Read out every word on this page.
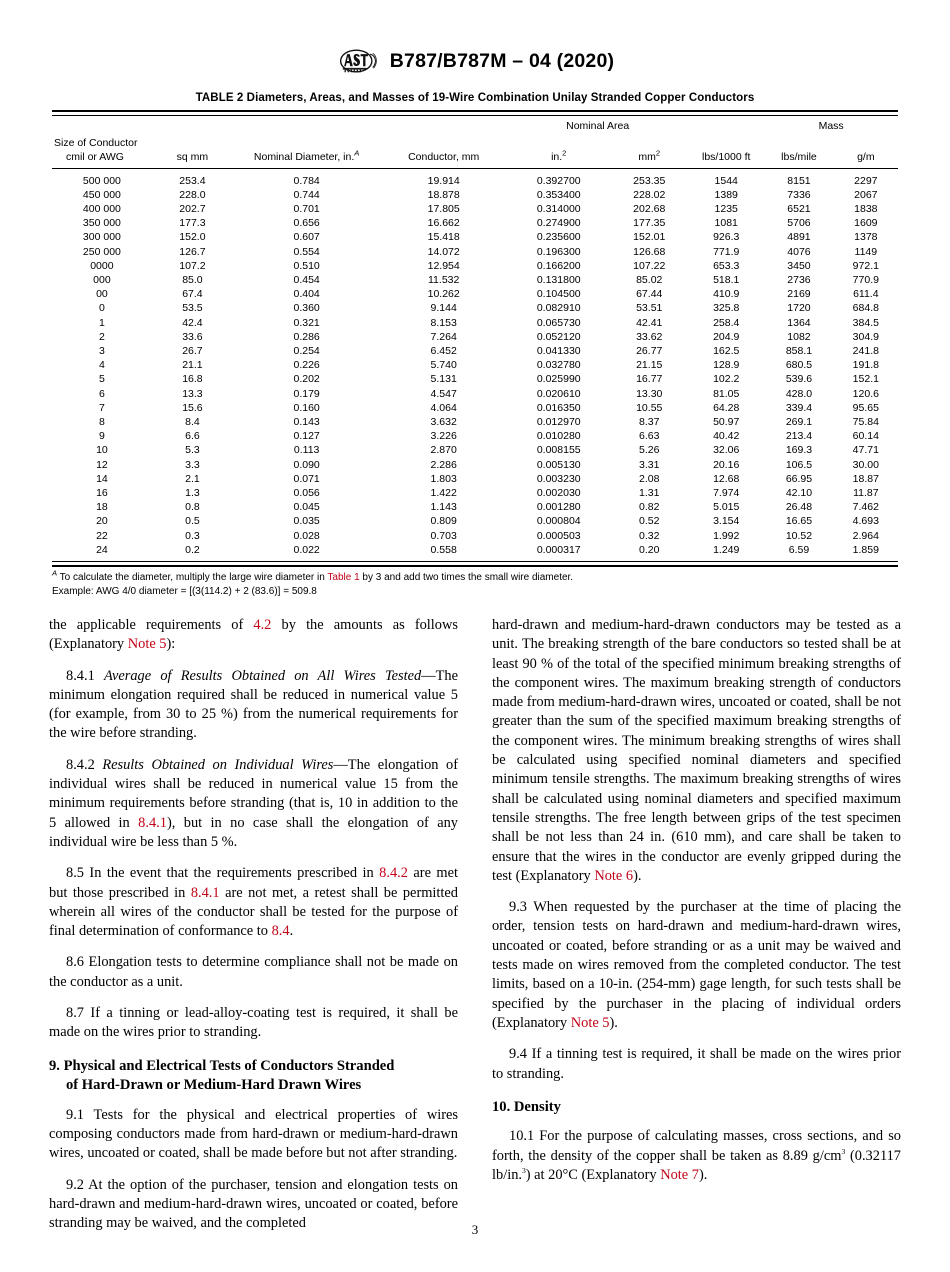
B787/B787M – 04 (2020)
TABLE 2 Diameters, Areas, and Masses of 19-Wire Combination Unilay Stranded Copper Conductors

				Nominal Area			Mass	

Size of Conductor
cmil or AWG	sq mm	Nominal Diameter, in.$^A$	Conductor, mm	in.$^2$	$mm^2$	lbs/1000 ft	lbs/mile	g/m

500 000	253.4	0.784	19.914	0.392700	253.35	1544	8151	2297
450 000	228.0	0.744	18.878	0.353400	228.02	1389	7336	2067
400 000	202.7	0.701	17.805	0.314000	202.68	1235	6521	1838
350 000	177.3	0.656	16.662	0.274900	177.35	1081	5706	1609
300 000	152.0	0.607	15.418	0.235600	152.01	926.3	4891	1378
250 000	126.7	0.554	14.072	0.196300	126.68	771.9	4076	1149
0000	107.2	0.510	12.954	0.166200	107.22	653.3	3450	972.1
000	85.0	0.454	11.532	0.131800	85.02	518.1	2736	770.9
00	67.4	0.404	10.262	0.104500	67.44	410.9	2169	611.4
0	53.5	0.360	9.144	0.082910	53.51	325.8	1720	684.8
1	42.4	0.321	8.153	0.065730	42.41	258.4	1364	384.5
2	33.6	0.286	7.264	0.052120	33.62	204.9	1082	304.9
3	26.7	0.254	6.452	0.041330	26.77	162.5	858.1	241.8
4	21.1	0.226	5.740	0.032780	21.15	128.9	680.5	191.8
5	16.8	0.202	5.131	0.025990	16.77	102.2	539.6	152.1
6	13.3	0.179	4.547	0.020610	13.30	81.05	428.0	120.6
7	15.6	0.160	4.064	0.016350	10.55	64.28	339.4	95.65
8	8.4	0.143	3.632	0.012970	8.37	50.97	269.1	75.84
9	6.6	0.127	3.226	0.010280	6.63	40.42	213.4	60.14
10	5.3	0.113	2.870	0.008155	5.26	32.06	169.3	47.71
12	3.3	0.090	2.286	0.005130	3.31	20.16	106.5	30.00
14	2.1	0.071	1.803	0.003230	2.08	12.68	66.95	18.87
16	1.3	0.056	1.422	0.002030	1.31	7.974	42.10	11.87
18	0.8	0.045	1.143	0.001280	0.82	5.015	26.48	7.462
20	0.5	0.035	0.809	0.000804	0.52	3.154	16.65	4.693
22	0.3	0.028	0.703	0.000503	0.32	1.992	10.52	2.964
24	0.2	0.022	0.558	0.000317	0.20	1.249	6.59	1.859

$^A$ To calculate the diameter, multiply the large wire diameter in Table 1 by 3 and add two times the small wire diameter.
Example: AWG 4/0 diameter = [(3(114.2) + 2 (83.6)] = 509.8

the applicable requirements of 4.2 by the amounts as follows (Explanatory Note 5):

8.4.1 Average of Results Obtained on All Wires Tested—The minimum elongation required shall be reduced in numerical value 5 (for example, from 30 to 25 %) from the numerical requirements for the wire before stranding.

8.4.2 Results Obtained on Individual Wires—The elongation of individual wires shall be reduced in numerical value 15 from the minimum requirements before stranding (that is, 10 in addition to the 5 allowed in 8.4.1), but in no case shall the elongation of any individual wire be less than 5 %.

8.5 In the event that the requirements prescribed in 8.4.2 are met but those prescribed in 8.4.1 are not met, a retest shall be permitted wherein all wires of the conductor shall be tested for the purpose of final determination of conformance to 8.4.

8.6 Elongation tests to determine compliance shall not be made on the conductor as a unit.

8.7 If a tinning or lead-alloy-coating test is required, it shall be made on the wires prior to stranding.

9. Physical and Electrical Tests of Conductors Stranded
of Hard-Drawn or Medium-Hard Drawn Wires

9.1 Tests for the physical and electrical properties of wires composing conductors made from hard-drawn or medium-hard-drawn wires, uncoated or coated, shall be made before but not after stranding.

9.2 At the option of the purchaser, tension and elongation tests on hard-drawn and medium-hard-drawn wires, uncoated or coated, before stranding may be waived, and the completed

hard-drawn and medium-hard-drawn conductors may be tested as a unit. The breaking strength of the bare conductors so tested shall be at least 90 % of the total of the specified minimum breaking strengths of the component wires. The maximum breaking strength of conductors made from medium-hard-drawn wires, uncoated or coated, shall be not greater than the sum of the specified maximum breaking strengths of the component wires. The minimum breaking strengths of wires shall be calculated using specified nominal diameters and specified minimum tensile strengths. The maximum breaking strengths of wires shall be calculated using nominal diameters and specified maximum tensile strengths. The free length between grips of the test specimen shall be not less than 24 in. (610 mm), and care shall be taken to ensure that the wires in the conductor are evenly gripped during the test (Explanatory Note 6).

9.3 When requested by the purchaser at the time of placing the order, tension tests on hard-drawn and medium-hard-drawn wires, uncoated or coated, before stranding or as a unit may be waived and tests made on wires removed from the completed conductor. The test limits, based on a 10-in. (254-mm) gage length, for such tests shall be specified by the purchaser in the placing of individual orders (Explanatory Note 5).

9.4 If a tinning test is required, it shall be made on the wires prior to stranding.

10. Density

10.1 For the purpose of calculating masses, cross sections, and so forth, the density of the copper shall be taken as 8.89 $g/cm^3$ (0.32117 lb/in.$^3$) at 20°C (Explanatory Note 7).

3
